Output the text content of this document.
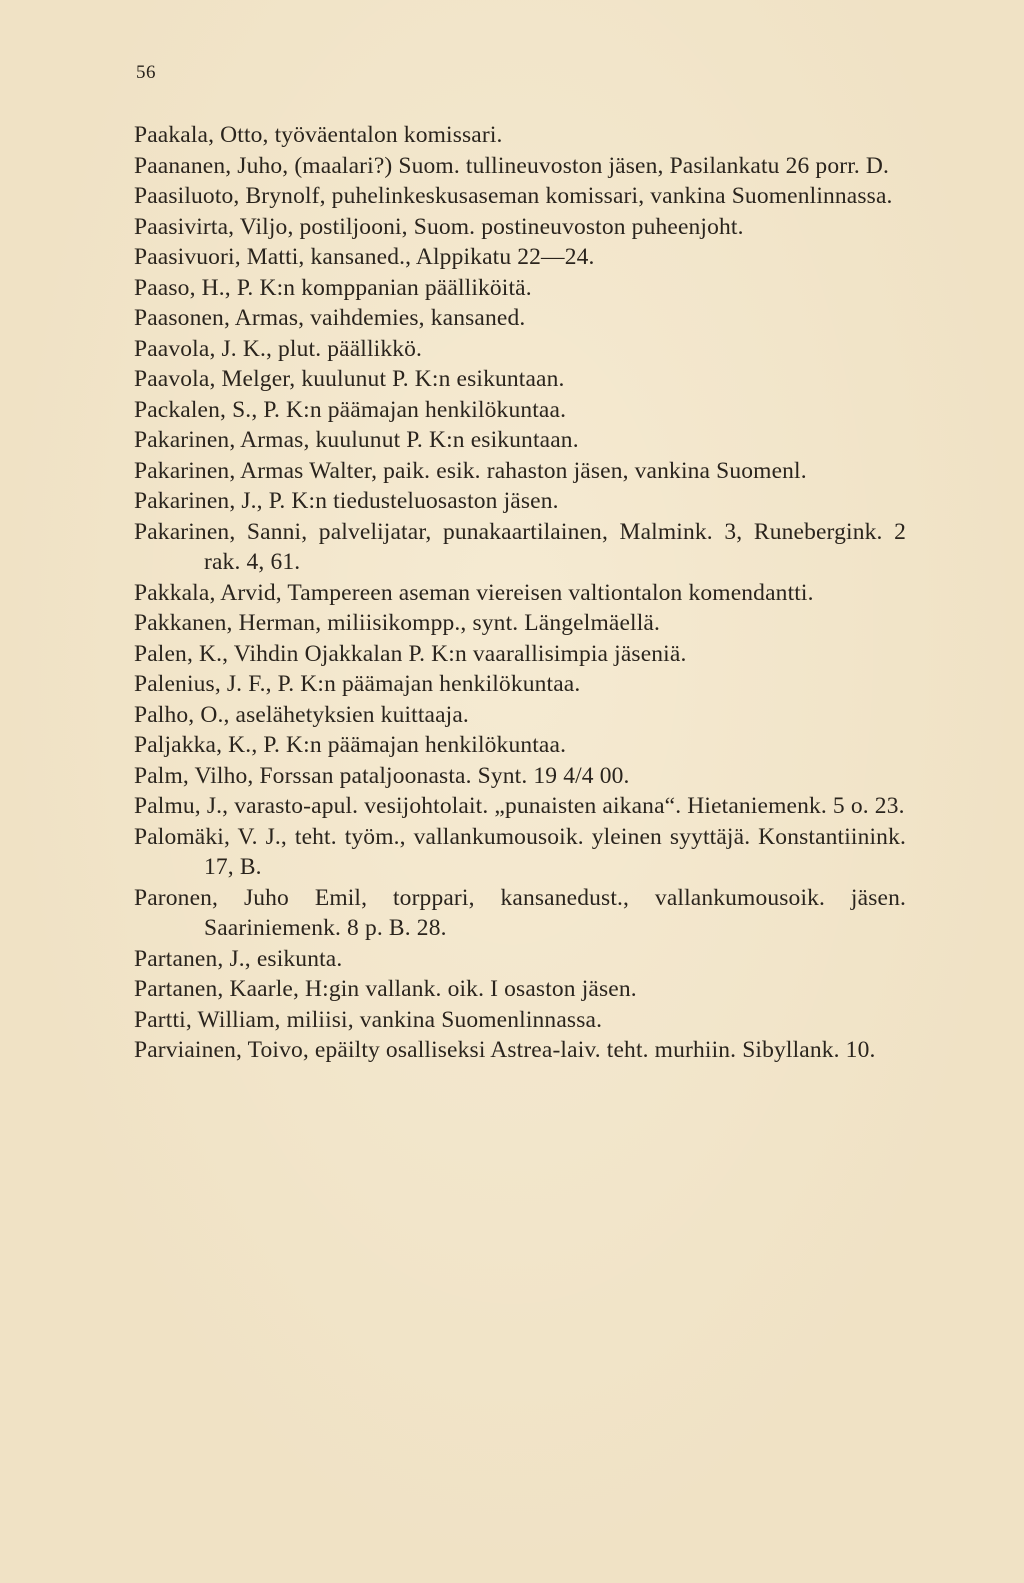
56
Paakala, Otto, työväentalon komissari.
Paananen, Juho, (maalari?) Suom. tullineuvoston jäsen, Pasilankatu 26 porr. D.
Paasiluoto, Brynolf, puhelinkeskusaseman komissari, vankina Suomenlinnassa.
Paasivirta, Viljo, postiljooni, Suom. postineuvoston puheenjoht.
Paasivuori, Matti, kansaned., Alppikatu 22—24.
Paaso, H., P. K:n komppanian päälliköitä.
Paasonen, Armas, vaihdemies, kansaned.
Paavola, J. K., plut. päällikkö.
Paavola, Melger, kuulunut P. K:n esikuntaan.
Packalen, S., P. K:n päämajan henkilökuntaa.
Pakarinen, Armas, kuulunut P. K:n esikuntaan.
Pakarinen, Armas Walter, paik. esik. rahaston jäsen, vankina Suomenl.
Pakarinen, J., P. K:n tiedusteluosaston jäsen.
Pakarinen, Sanni, palvelijatar, punakaartilainen, Malmink. 3, Runebergink. 2 rak. 4, 61.
Pakkala, Arvid, Tampereen aseman viereisen valtiontalon komendantti.
Pakkanen, Herman, miliisikompp., synt. Längelmäellä.
Palen, K., Vihdin Ojakkalan P. K:n vaarallisimpia jäseniä.
Palenius, J. F., P. K:n päämajan henkilökuntaa.
Palho, O., aselähetyksien kuittaaja.
Paljakka, K., P. K:n päämajan henkilökuntaa.
Palm, Vilho, Forssan pataljoonasta. Synt. 19 4/4 00.
Palmu, J., varasto-apul. vesijohtolait. „punaisten aikana“. Hietaniemenk. 5 o. 23.
Palomäki, V. J., teht. työm., vallankumousoik. yleinen syyttäjä. Konstantiinink. 17, B.
Paronen, Juho Emil, torppari, kansanedust., vallankumousoik. jäsen. Saariniemenk. 8 p. B. 28.
Partanen, J., esikunta.
Partanen, Kaarle, H:gin vallank. oik. I osaston jäsen.
Partti, William, miliisi, vankina Suomenlinnassa.
Parviainen, Toivo, epäilty osalliseksi Astrea-laiv. teht. murhiin. Sibyllank. 10.
